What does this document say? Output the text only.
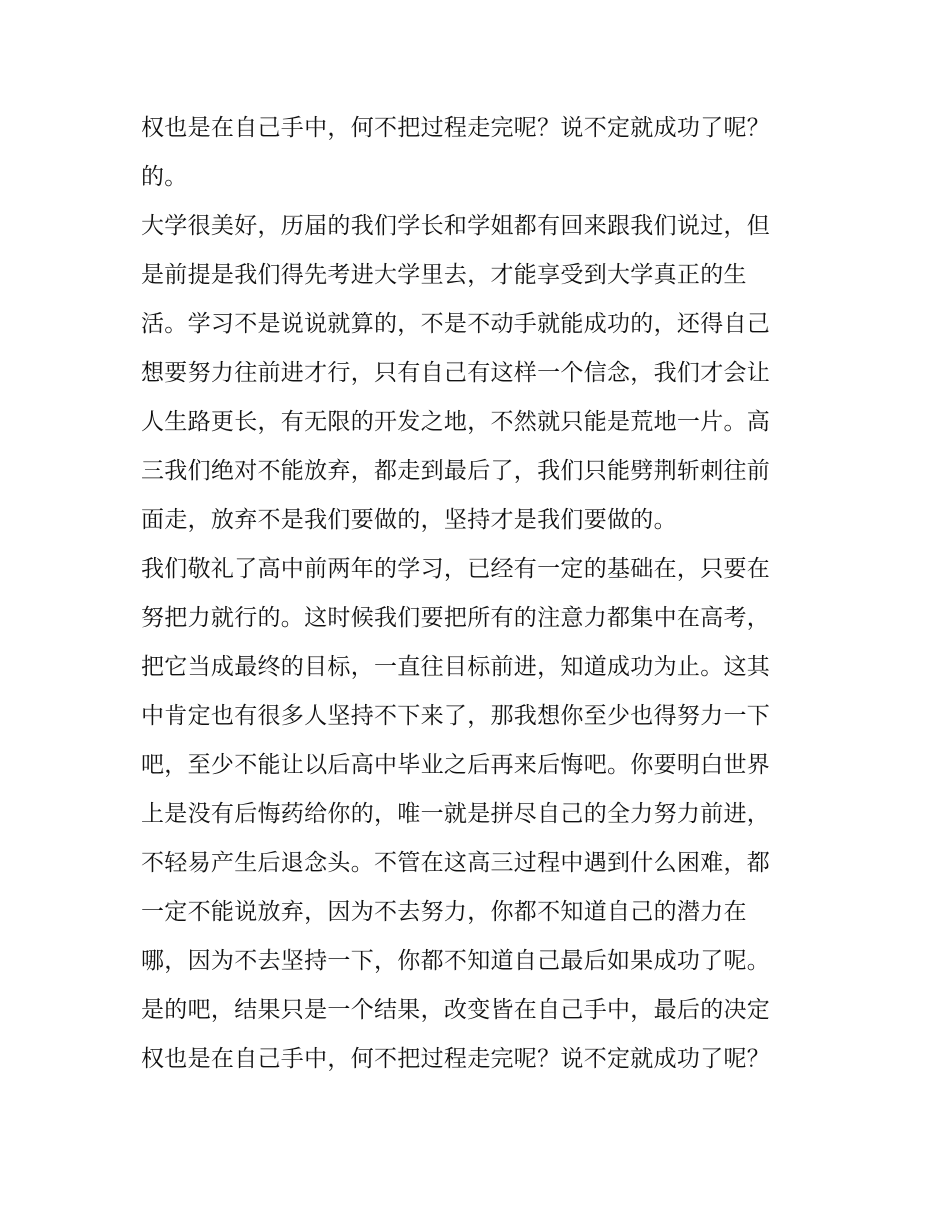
权也是在自己手中，何不把过程走完呢？说不定就成功了呢？
的。
大学很美好，历届的我们学长和学姐都有回来跟我们说过，但
是前提是我们得先考进大学里去，才能享受到大学真正的生
活。学习不是说说就算的，不是不动手就能成功的，还得自己
想要努力往前进才行，只有自己有这样一个信念，我们才会让
人生路更长，有无限的开发之地，不然就只能是荒地一片。高
三我们绝对不能放弃，都走到最后了，我们只能劈荆斩刺往前
面走，放弃不是我们要做的，坚持才是我们要做的。
我们敬礼了高中前两年的学习，已经有一定的基础在，只要在
努把力就行的。这时候我们要把所有的注意力都集中在高考，
把它当成最终的目标，一直往目标前进，知道成功为止。这其
中肯定也有很多人坚持不下来了，那我想你至少也得努力一下
吧，至少不能让以后高中毕业之后再来后悔吧。你要明白世界
上是没有后悔药给你的，唯一就是拼尽自己的全力努力前进，
不轻易产生后退念头。不管在这高三过程中遇到什么困难，都
一定不能说放弃，因为不去努力，你都不知道自己的潜力在
哪，因为不去坚持一下，你都不知道自己最后如果成功了呢。
是的吧，结果只是一个结果，改变皆在自己手中，最后的决定
权也是在自己手中，何不把过程走完呢？说不定就成功了呢？
